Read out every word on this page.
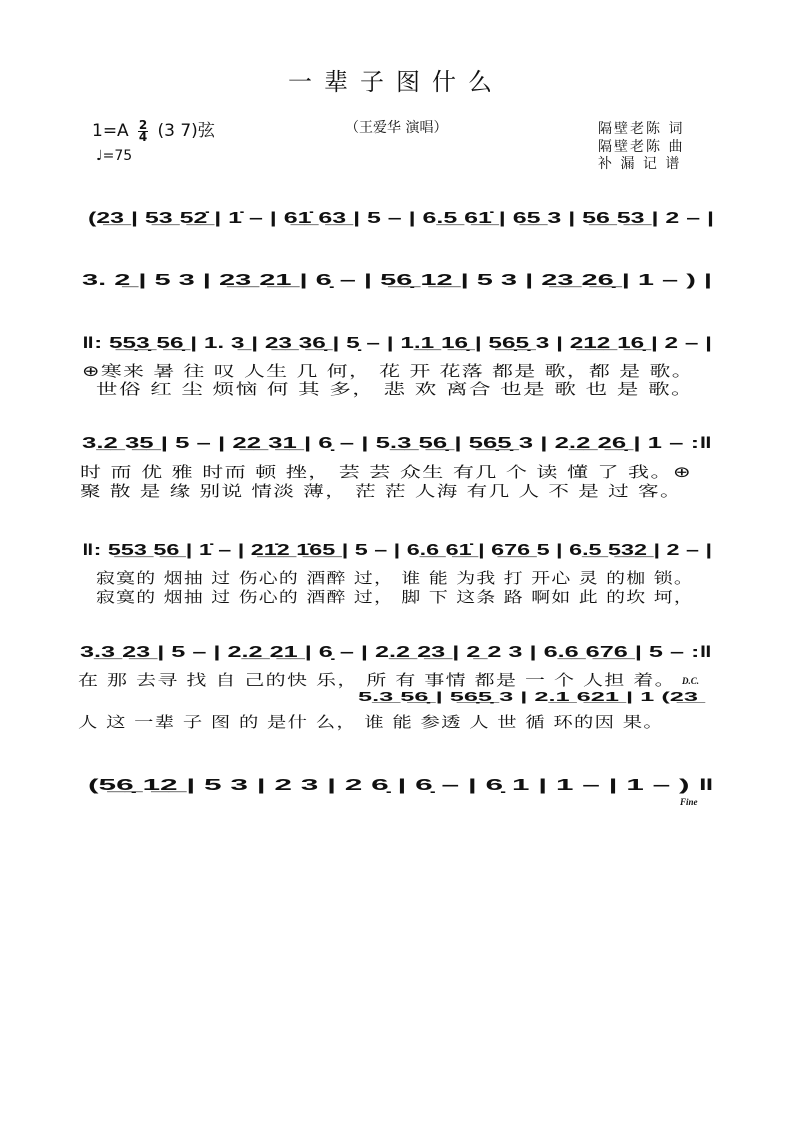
一辈子图什么
$1=A \frac{2}{4} (3$ 7)弦
♩=75
（王爱华 演唱）	隔壁老陈 词
隔壁老陈 曲
补 漏 记 谱
(2̲3̲ | 5̲3̲ 5̲2̲̇ | 1̇ – | 6̲1̲̇ 6̲3̲ | 5 – | 6.̲5̲ 6̲1̲̇ | 6̲5̲ 3 | 5̲6̲ 5̲3̲ | 2 – |
3. 2̲ | 5 3 | 2̲3̲ 2̲1̲ | 6̣ – | 5̲6̣̲ 1̲2̲ | 5 3 | 2̲3̲ 2̲6̣̲ | 1 – ) |
‖: 5̲5̣̲3̣̲ 5̲6̣̲ | 1. 3̲ | 2̲3̲ 3̲6̣̲ | 5̣ – | 1.̲1̲ 1̲6̣̲ | 5̲6̣̲5̣̲ 3 | 2̲1̲2̲ 1̲6̣̲ | 2 – |
⊕寒来 暑 往 叹 人生 几 何， 花 开 花落 都是 歌，都 是 歌。
世俗 红 尘 烦恼 何 其 多， 悲 欢 离合 也是 歌 也 是 歌。
3.̲2̲ 3̲5̲ | 5 – | 2̲2̲ 3̲1̲ | 6̣ – | 5.̲3̲ 5̲6̣̲ | 5̲6̣̲5̣̲ 3 | 2.̲2̲ 2̲6̣̲ | 1 – :‖
时 而 优 雅 时而 顿 挫， 芸 芸 众生 有几 个 读 懂 了 我。⊕
聚 散 是 缘 别说 情淡 薄， 茫 茫 人海 有几 人 不 是 过 客。
‖: 5̲5̲3̲ 5̲6̲ | 1̇ – | 2̲1̲̇2̲ 1̲̇6̲5̲ | 5 – | 6.̲6̲ 6̲1̲̇ | 6̲7̲6̲ 5 | 6.̲5̲ 5̲3̲2̲ | 2 – |
寂寞的 烟抽 过 伤心的 酒醉 过， 谁 能 为我 打 开心 灵 的枷 锁。
寂寞的 烟抽 过 伤心的 酒醉 过， 脚 下 这条 路 啊如 此 的坎 坷，
3.̲3̲ 2̲3̲ | 5 – | 2.̲2̲ 2̲1̲ | 6̣ – | 2.̲2̲ 2̲3̲ | 2̲ 2 3 | 6.̲6̲ 6̲7̲6̲ | 5 – :‖
在 那 去寻 找 自 己的快 乐， 所 有 事情 都是 一 个 人担 着。 D.C.
5.̲3̲ 5̲6̣̲ | 5̲6̣̲5̣̲ 3 | 2.̲1̲ 6̲2̲1̲ | 1 (2̲3̲
人 这 一辈 子 图 的 是什 么， 谁 能 参透 人 世 循 环的因 果。
(5̲6̣̲ 1̲2̲ | 5 3 | 2 3 | 2 6̣ | 6̣ – | 6̣ 1 | 1 – | 1 – ) ‖
Fine
